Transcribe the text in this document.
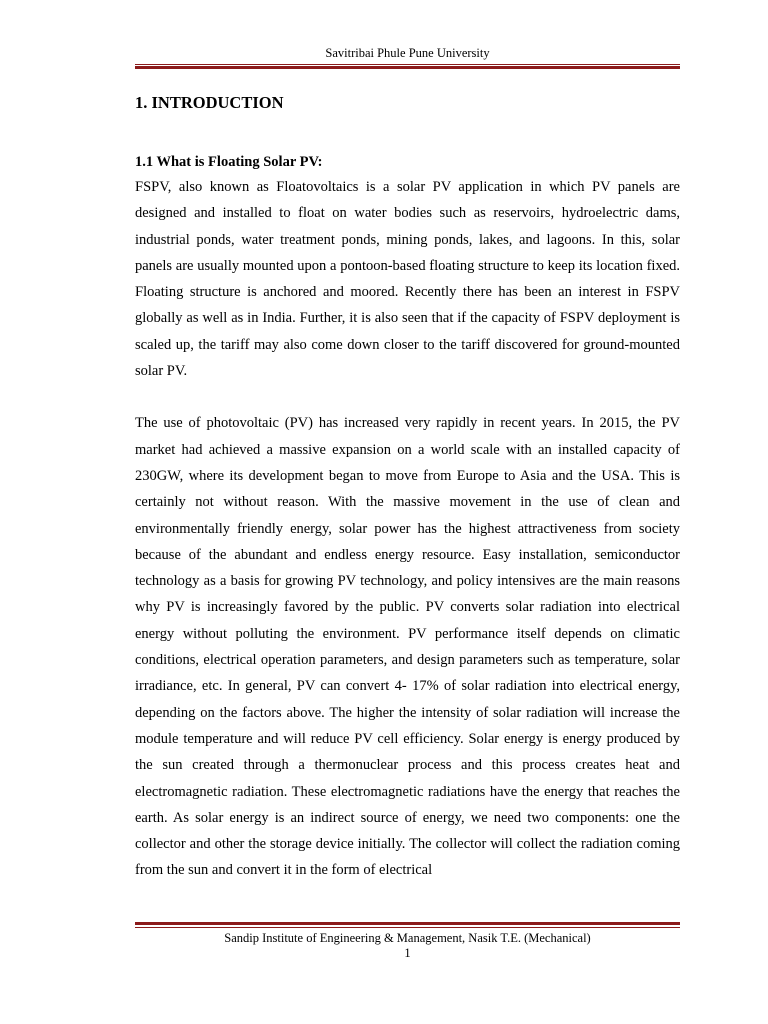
Savitribai Phule Pune University
1. INTRODUCTION
1.1 What is Floating Solar PV:

FSPV, also known as Floatovoltaics is a solar PV application in which PV panels are designed and installed to float on water bodies such as reservoirs, hydroelectric dams, industrial ponds, water treatment ponds, mining ponds, lakes, and lagoons. In this, solar panels are usually mounted upon a pontoon-based floating structure to keep its location fixed. Floating structure is anchored and moored. Recently there has been an interest in FSPV globally as well as in India. Further, it is also seen that if the capacity of FSPV deployment is scaled up, the tariff may also come down closer to the tariff discovered for ground-mounted solar PV.

The use of photovoltaic (PV) has increased very rapidly in recent years. In 2015, the PV market had achieved a massive expansion on a world scale with an installed capacity of 230GW, where its development began to move from Europe to Asia and the USA. This is certainly not without reason. With the massive movement in the use of clean and environmentally friendly energy, solar power has the highest attractiveness from society because of the abundant and endless energy resource. Easy installation, semiconductor technology as a basis for growing PV technology, and policy intensives are the main reasons why PV is increasingly favored by the public. PV converts solar radiation into electrical energy without polluting the environment. PV performance itself depends on climatic conditions, electrical operation parameters, and design parameters such as temperature, solar irradiance, etc. In general, PV can convert 4- 17% of solar radiation into electrical energy, depending on the factors above. The higher the intensity of solar radiation will increase the module temperature and will reduce PV cell efficiency. Solar energy is energy produced by the sun created through a thermonuclear process and this process creates heat and electromagnetic radiation. These electromagnetic radiations have the energy that reaches the earth. As solar energy is an indirect source of energy, we need two components: one the collector and other the storage device initially. The collector will collect the radiation coming from the sun and convert it in the form of electrical

Sandip Institute of Engineering & Management, Nasik T.E. (Mechanical)
1
